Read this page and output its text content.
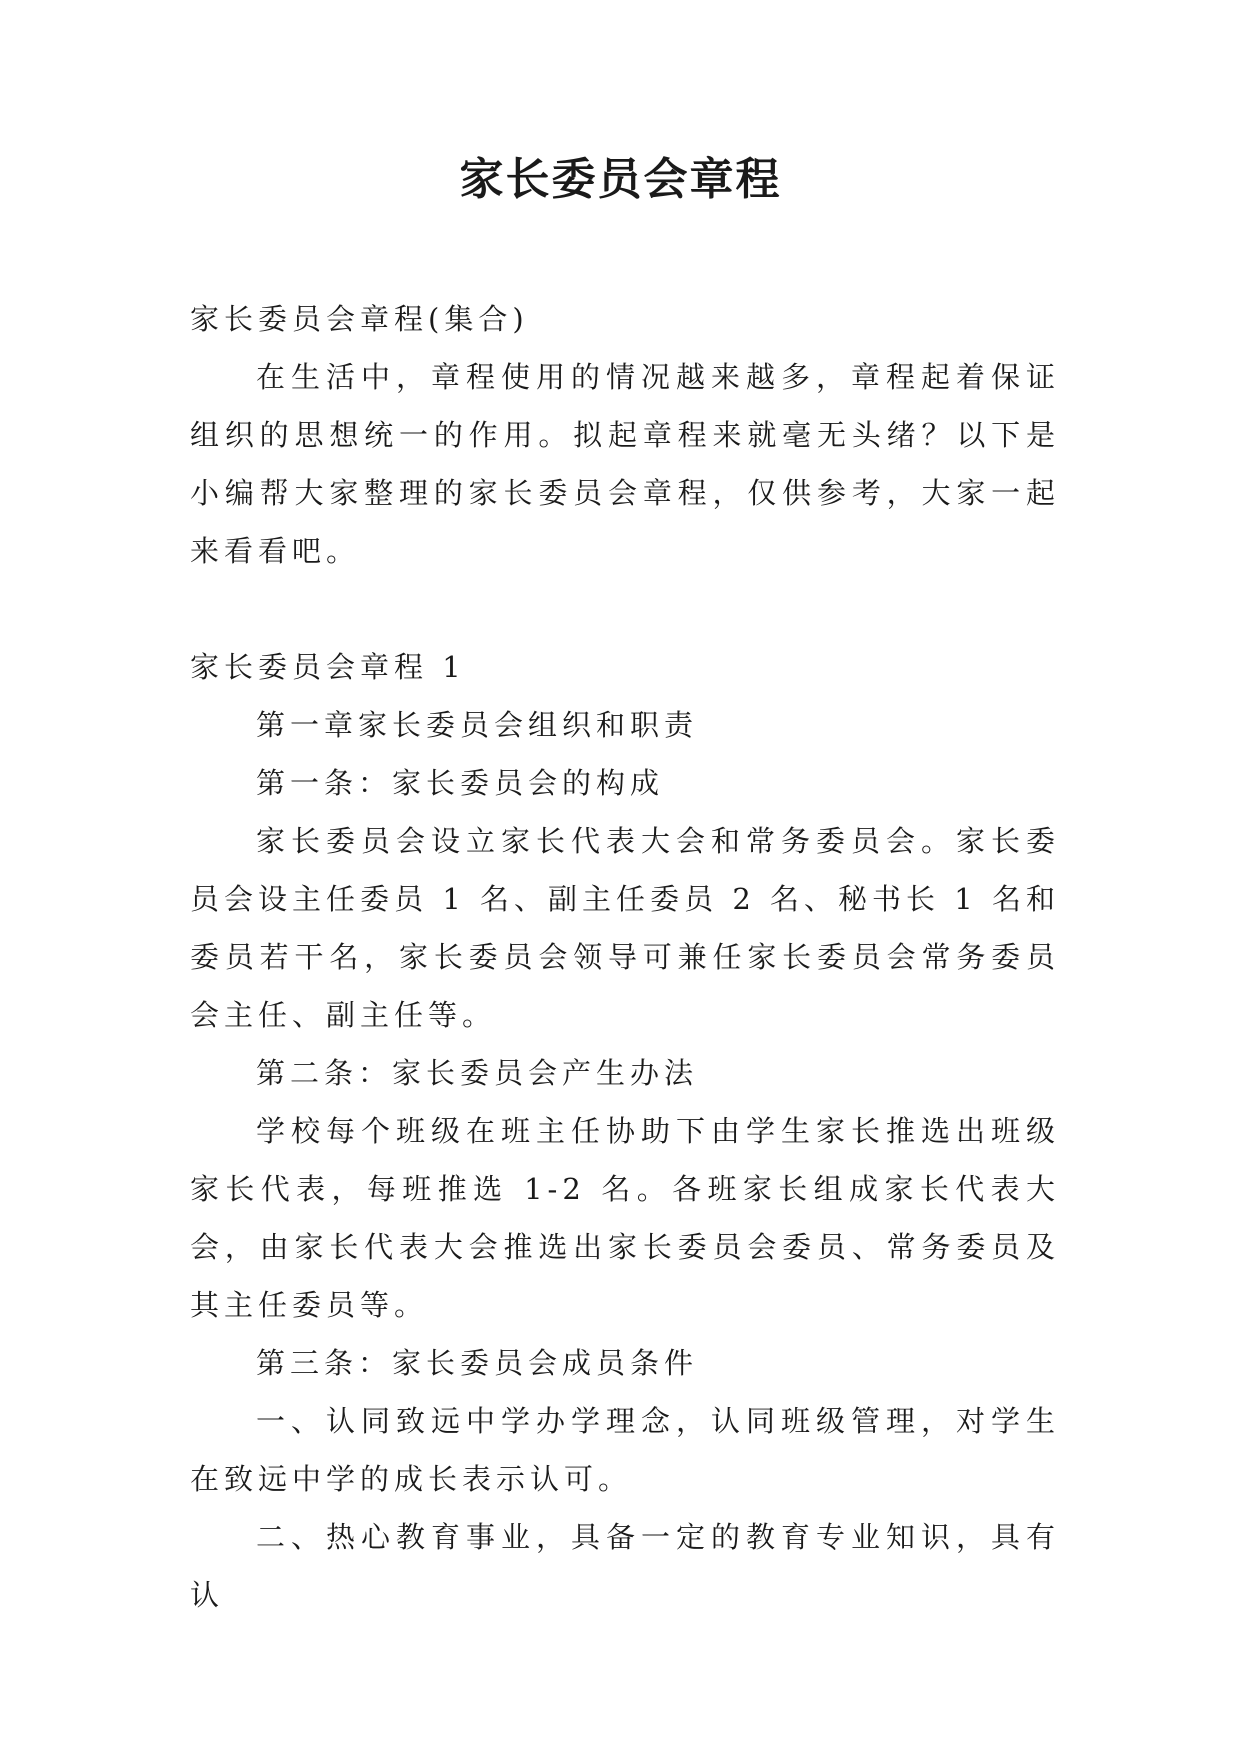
家长委员会章程

家长委员会章程(集合)

在生活中，章程使用的情况越来越多，章程起着保证组织的思想统一的作用。拟起章程来就毫无头绪？以下是小编帮大家整理的家长委员会章程，仅供参考，大家一起来看看吧。

家长委员会章程 1

第一章家长委员会组织和职责

第一条：家长委员会的构成

家长委员会设立家长代表大会和常务委员会。家长委员会设主任委员 1 名、副主任委员 2 名、秘书长 1 名和委员若干名，家长委员会领导可兼任家长委员会常务委员会主任、副主任等。

第二条：家长委员会产生办法

学校每个班级在班主任协助下由学生家长推选出班级家长代表，每班推选 1-2 名。各班家长组成家长代表大会，由家长代表大会推选出家长委员会委员、常务委员及其主任委员等。

第三条：家长委员会成员条件

一、认同致远中学办学理念，认同班级管理，对学生在致远中学的成长表示认可。

二、热心教育事业，具备一定的教育专业知识，具有认
